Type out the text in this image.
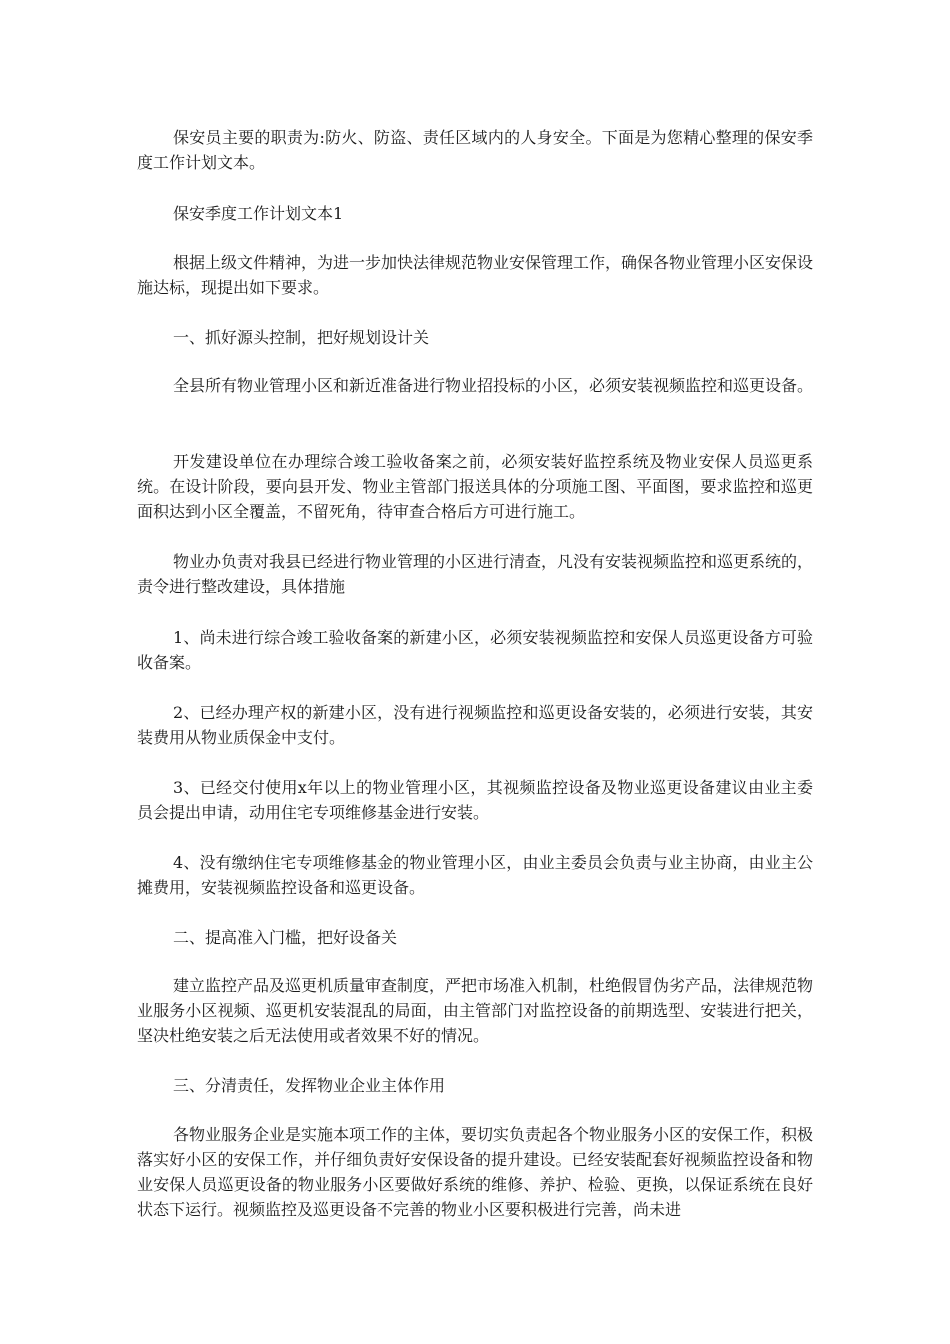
保安员主要的职责为:防火、防盗、责任区域内的人身安全。下面是为您精心整理的保安季度工作计划文本。

保安季度工作计划文本1

根据上级文件精神，为进一步加快法律规范物业安保管理工作，确保各物业管理小区安保设施达标，现提出如下要求。

一、抓好源头控制，把好规划设计关

全县所有物业管理小区和新近准备进行物业招投标的小区，必须安装视频监控和巡更设备。

开发建设单位在办理综合竣工验收备案之前，必须安装好监控系统及物业安保人员巡更系统。在设计阶段，要向县开发、物业主管部门报送具体的分项施工图、平面图，要求监控和巡更面积达到小区全覆盖，不留死角，待审查合格后方可进行施工。

物业办负责对我县已经进行物业管理的小区进行清查，凡没有安装视频监控和巡更系统的，责令进行整改建设，具体措施

1、尚未进行综合竣工验收备案的新建小区，必须安装视频监控和安保人员巡更设备方可验收备案。

2、已经办理产权的新建小区，没有进行视频监控和巡更设备安装的，必须进行安装，其安装费用从物业质保金中支付。

3、已经交付使用x年以上的物业管理小区，其视频监控设备及物业巡更设备建议由业主委员会提出申请，动用住宅专项维修基金进行安装。

4、没有缴纳住宅专项维修基金的物业管理小区，由业主委员会负责与业主协商，由业主公摊费用，安装视频监控设备和巡更设备。

二、提高准入门槛，把好设备关

建立监控产品及巡更机质量审查制度，严把市场准入机制，杜绝假冒伪劣产品，法律规范物业服务小区视频、巡更机安装混乱的局面，由主管部门对监控设备的前期选型、安装进行把关，坚决杜绝安装之后无法使用或者效果不好的情况。

三、分清责任，发挥物业企业主体作用

各物业服务企业是实施本项工作的主体，要切实负责起各个物业服务小区的安保工作，积极落实好小区的安保工作，并仔细负责好安保设备的提升建设。已经安装配套好视频监控设备和物业安保人员巡更设备的物业服务小区要做好系统的维修、养护、检验、更换，以保证系统在良好状态下运行。视频监控及巡更设备不完善的物业小区要积极进行完善，尚未进
